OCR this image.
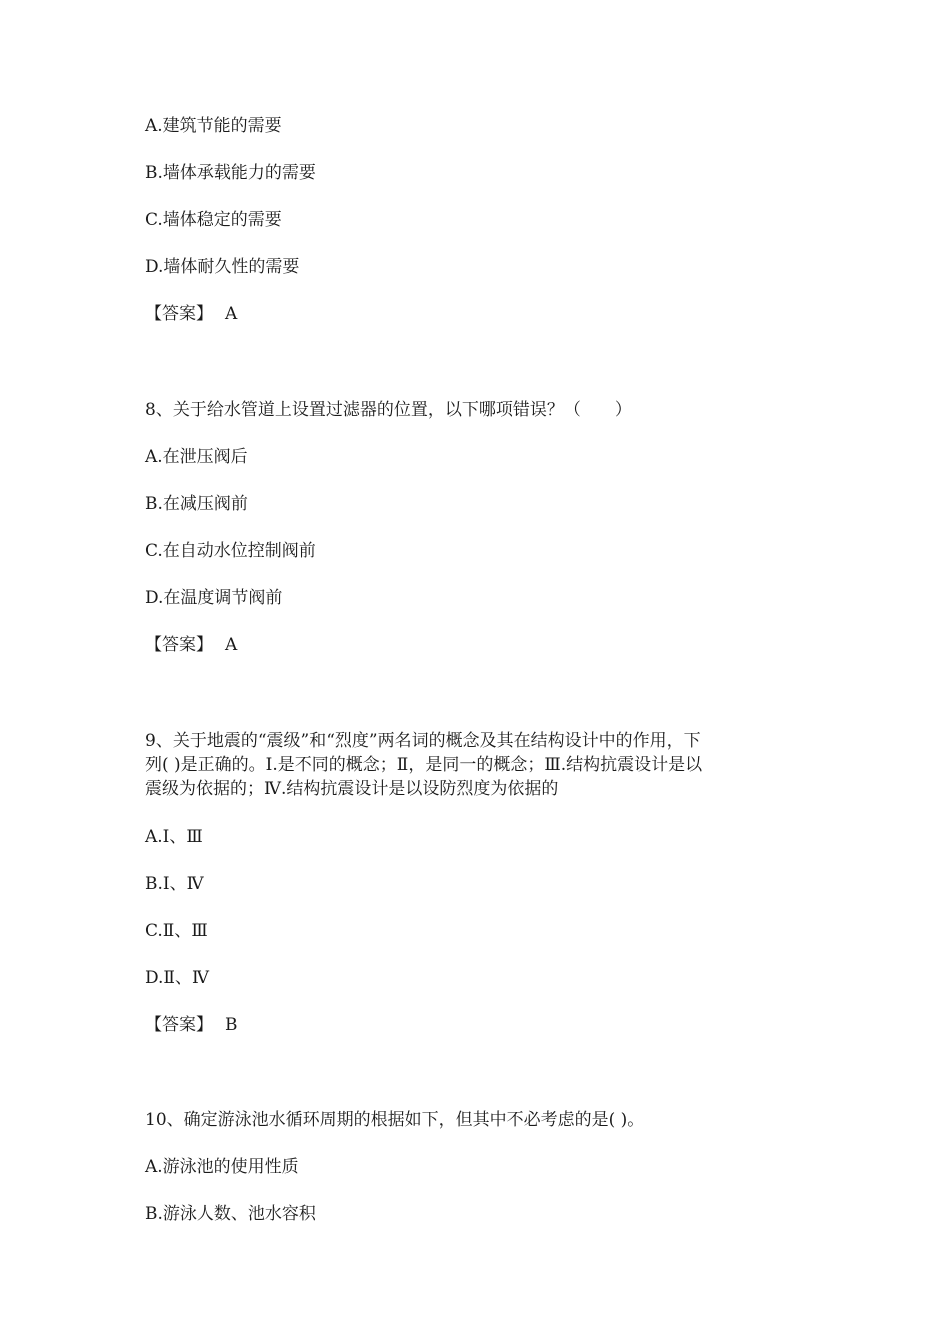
A.建筑节能的需要
B.墙体承载能力的需要
C.墙体稳定的需要
D.墙体耐久性的需要
【答案】 A
8、关于给水管道上设置过滤器的位置，以下哪项错误？（　　）
A.在泄压阀后
B.在减压阀前
C.在自动水位控制阀前
D.在温度调节阀前
【答案】 A
9、关于地震的“震级”和“烈度”两名词的概念及其在结构设计中的作用，下
列( )是正确的。Ⅰ.是不同的概念；Ⅱ，是同一的概念；Ⅲ.结构抗震设计是以
震级为依据的；Ⅳ.结构抗震设计是以设防烈度为依据的
A.Ⅰ、Ⅲ
B.Ⅰ、Ⅳ
C.Ⅱ、Ⅲ
D.Ⅱ、Ⅳ
【答案】 B
10、确定游泳池水循环周期的根据如下，但其中不必考虑的是( )。
A.游泳池的使用性质
B.游泳人数、池水容积
